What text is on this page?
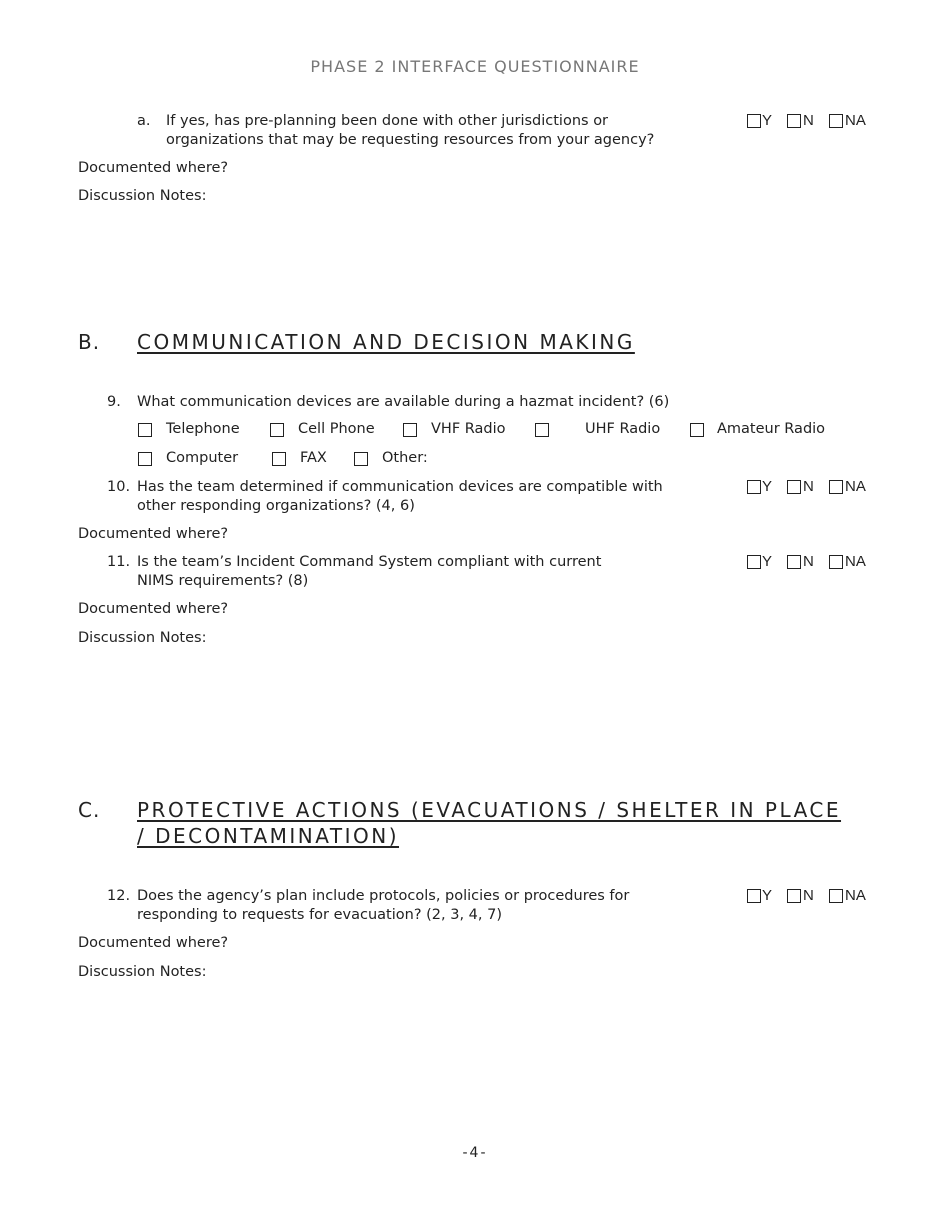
PHASE 2 INTERFACE QUESTIONNAIRE
a. If yes, has pre-planning been done with other jurisdictions or
organizations that may be requesting resources from your agency?
Y N NA
Documented where?
Discussion Notes:
B. COMMUNICATION AND DECISION MAKING
9. What communication devices are available during a hazmat incident? (6)
Telephone	Cell Phone	VHF Radio	UHF Radio	Amateur Radio
Computer	FAX	Other:
10. Has the team determined if communication devices are compatible with
other responding organizations? (4, 6)
Y N NA
Documented where?
11. Is the team’s Incident Command System compliant with current
NIMS requirements? (8)
Y N NA
Documented where?
Discussion Notes:
C. PROTECTIVE ACTIONS (EVACUATIONS / SHELTER IN PLACE
/ DECONTAMINATION)
12. Does the agency’s plan include protocols, policies or procedures for
responding to requests for evacuation? (2, 3, 4, 7)
Y N NA
Documented where?
Discussion Notes:
-4-
